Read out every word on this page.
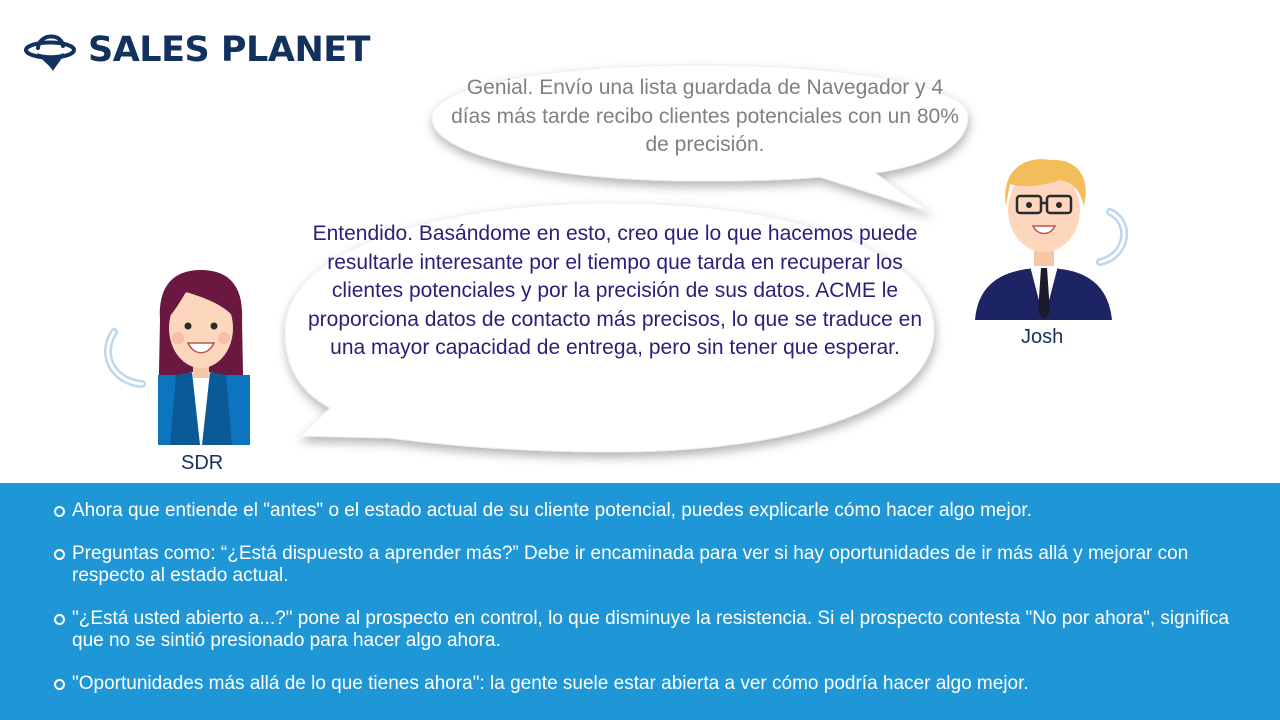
SALES PLANET
Genial. Envío una lista guardada de Navegador y 4 días más tarde recibo clientes potenciales con un 80% de precisión.
Entendido. Basándome en esto, creo que lo que hacemos puede resultarle interesante por el tiempo que tarda en recuperar los clientes potenciales y por la precisión de sus datos. ACME le proporciona datos de contacto más precisos, lo que se traduce en una mayor capacidad de entrega, pero sin tener que esperar.	Josh
SDR
Ahora que entiende el "antes" o el estado actual de su cliente potencial, puedes explicarle cómo hacer algo mejor.
Preguntas como: “¿Está dispuesto a aprender más?” Debe ir encaminada para ver si hay oportunidades de ir más allá y mejorar con respecto al estado actual.
"¿Está usted abierto a...?" pone al prospecto en control, lo que disminuye la resistencia. Si el prospecto contesta "No por ahora", significa que no se sintió presionado para hacer algo ahora.
"Oportunidades más allá de lo que tienes ahora": la gente suele estar abierta a ver cómo podría hacer algo mejor.
